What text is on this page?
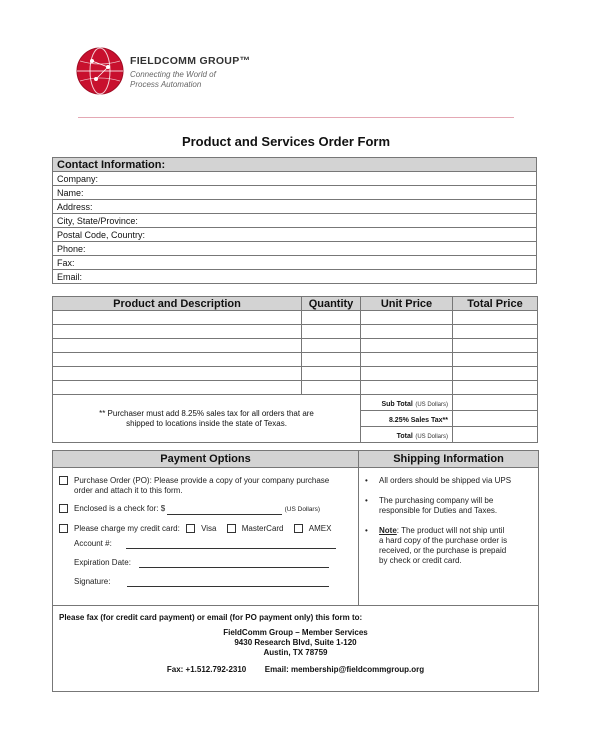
FIELDCOMM GROUP™
Connecting the World of
Process Automation
Product and Services Order Form
Contact Information:
Company:
Name:
Address:
City, State/Province:
Postal Code, Country:
Phone:
Fax:
Email:
Product and Description	Quantity	Unit Price	Total Price

** Purchaser must add 8.25% sales tax for all orders that are
shipped to locations inside the state of Texas.		Sub Total (US Dollars)	
		8.25% Sales Tax**	
		Total (US Dollars)	
Payment Options	Shipping Information
Purchase Order (PO): Please provide a copy of your company purchase
order and attach it to this form.
Enclosed is a check for: $	(US Dollars)
Please charge my credit card:	Visa	MasterCard	AMEX
Account #:
Expiration Date:
Signature:
• All orders should be shipped via UPS
• The purchasing company will be
responsible for Duties and Taxes.
• Note: The product will not ship until
a hard copy of the purchase order is
received, or the purchase is prepaid
by check or credit card.
Please fax (for credit card payment) or email (for PO payment only) this form to:
FieldComm Group – Member Services
9430 Research Blvd, Suite 1-120
Austin, TX 78759
Fax: +1.512.792-2310 Email: membership@fieldcommgroup.org
